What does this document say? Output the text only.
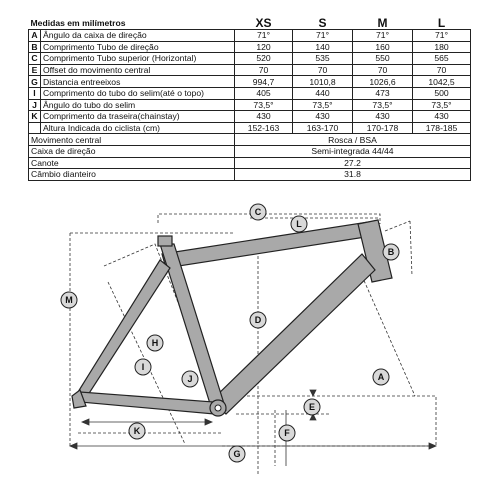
Medidas em milímetros		XS	S	M	L
A	Ângulo da caixa de direção	71°	71°	71°	71°
B	Comprimento Tubo de direção	120	140	160	180
C	Comprimento Tubo superior (Horizontal)	520	535	550	565
E	Offset do movimento central	70	70	70	70
G	Distancia entreeixos	994,7	1010,8	1026,6	1042,5
I	Comprimento do tubo do selim(até o topo)	405	440	473	500
J	Ângulo do tubo do selim	73,5°	73,5°	73,5°	73,5°
K	Comprimento da traseira(chainstay)	430	430	430	430
	Altura Indicada do ciclista (cm)	152-163	163-170	170-178	178-185
Movimento central		Rosca / BSA			
Caixa de direção		Semi-integrada 44/44			
Canote		27.2			
Câmbio dianteiro		31.8			
C
L
B
M
D
H
I
J	A
E
K	F
G
